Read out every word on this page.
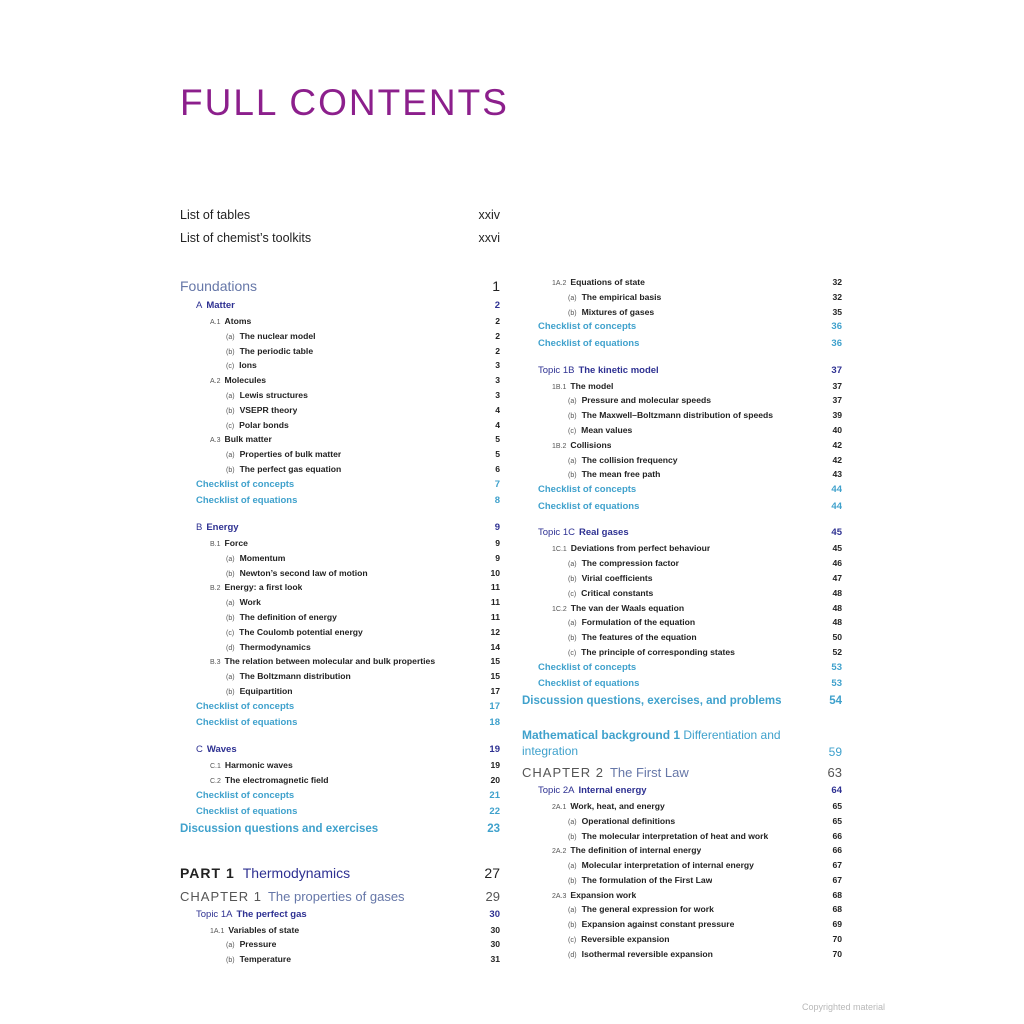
FULL CONTENTS
List of tables	xxiv
List of chemist’s toolkits	xxvi
Foundations	1
A Matter	2
A.1 Atoms	2
(a) The nuclear model	2
(b) The periodic table	2
(c) Ions	3
A.2 Molecules	3
(a) Lewis structures	3
(b) VSEPR theory	4
(c) Polar bonds	4
A.3 Bulk matter	5
(a) Properties of bulk matter	5
(b) The perfect gas equation	6
Checklist of concepts	7
Checklist of equations	8
B Energy	9
B.1 Force	9
(a) Momentum	9
(b) Newton’s second law of motion	10
B.2 Energy: a first look	11
(a) Work	11
(b) The definition of energy	11
(c) The Coulomb potential energy	12
(d) Thermodynamics	14
B.3 The relation between molecular and bulk properties	15
(a) The Boltzmann distribution	15
(b) Equipartition	17
Checklist of concepts	17
Checklist of equations	18
C Waves	19
C.1 Harmonic waves	19
C.2 The electromagnetic field	20
Checklist of concepts	21
Checklist of equations	22
Discussion questions and exercises	23
PART 1 Thermodynamics	27
CHAPTER 1 The properties of gases	29
Topic 1A The perfect gas	30
1A.1 Variables of state	30
(a) Pressure	30
(b) Temperature	31
1A.2 Equations of state	32
(a) The empirical basis	32
(b) Mixtures of gases	35
Checklist of concepts	36
Checklist of equations	36
Topic 1B The kinetic model	37
1B.1 The model	37
(a) Pressure and molecular speeds	37
(b) The Maxwell–Boltzmann distribution of speeds	39
(c) Mean values	40
1B.2 Collisions	42
(a) The collision frequency	42
(b) The mean free path	43
Checklist of concepts	44
Checklist of equations	44
Topic 1C Real gases	45
1C.1 Deviations from perfect behaviour	45
(a) The compression factor	46
(b) Virial coefficients	47
(c) Critical constants	48
1C.2 The van der Waals equation	48
(a) Formulation of the equation	48
(b) The features of the equation	50
(c) The principle of corresponding states	52
Checklist of concepts	53
Checklist of equations	53
Discussion questions, exercises, and problems	54
Mathematical background 1 Differentiation and integration	59
CHAPTER 2 The First Law	63
Topic 2A Internal energy	64
2A.1 Work, heat, and energy	65
(a) Operational definitions	65
(b) The molecular interpretation of heat and work	66
2A.2 The definition of internal energy	66
(a) Molecular interpretation of internal energy	67
(b) The formulation of the First Law	67
2A.3 Expansion work	68
(a) The general expression for work	68
(b) Expansion against constant pressure	69
(c) Reversible expansion	70
(d) Isothermal reversible expansion	70
Copyrighted material
